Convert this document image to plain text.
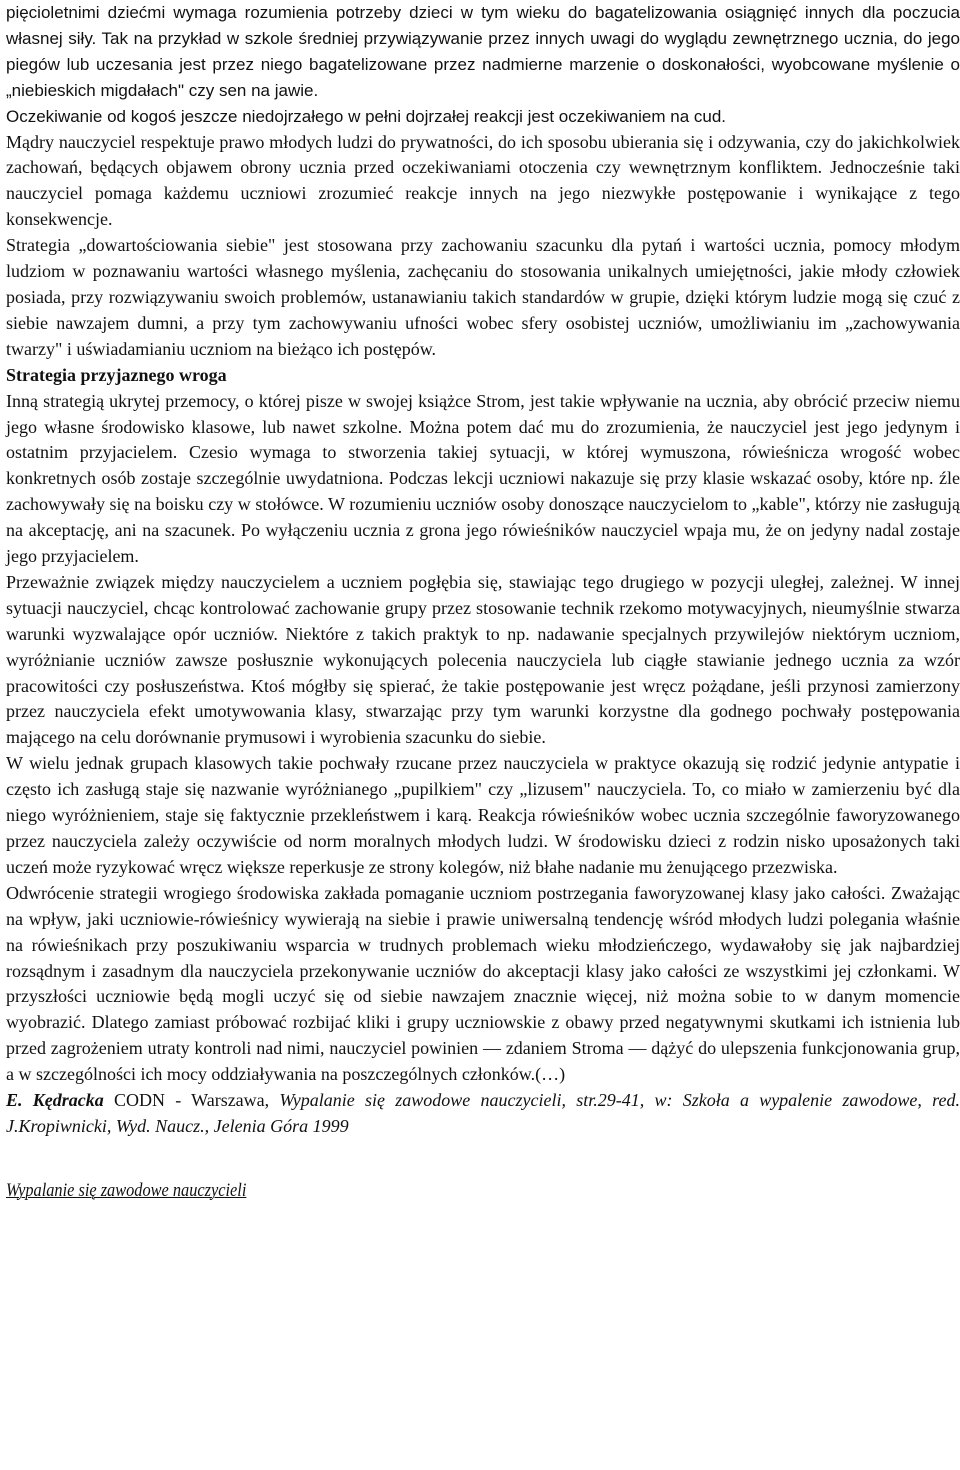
pięcioletnimi dziećmi wymaga rozumienia potrzeby dzieci w tym wieku do bagatelizowania osiągnięć innych dla poczucia własnej siły. Tak na przykład w szkole średniej przywiązywanie przez innych uwagi do wyglądu zewnętrznego ucznia, do jego piegów lub uczesania jest przez niego bagatelizowane przez nadmierne marzenie o doskonałości, wyobcowane myślenie o „niebieskich migdałach" czy sen na jawie.

Oczekiwanie od kogoś jeszcze niedojrzałego w pełni dojrzałej reakcji jest oczekiwaniem na cud.

Mądry nauczyciel respektuje prawo młodych ludzi do prywatności, do ich sposobu ubierania się i odzywania, czy do jakichkolwiek zachowań, będących objawem obrony ucznia przed oczekiwaniami otoczenia czy wewnętrznym konfliktem. Jednocześnie taki nauczyciel pomaga każdemu uczniowi zrozumieć reakcje innych na jego niezwykłe postępowanie i wynikające z tego konsekwencje.

Strategia „dowartościowania siebie" jest stosowana przy zachowaniu szacunku dla pytań i wartości ucznia, pomocy młodym ludziom w poznawaniu wartości własnego myślenia, zachęcaniu do stosowania unikalnych umiejętności, jakie młody człowiek posiada, przy rozwiązywaniu swoich problemów, ustanawianiu takich standardów w grupie, dzięki którym ludzie mogą się czuć z siebie nawzajem dumni, a przy tym zachowywaniu ufności wobec sfery osobistej uczniów, umożliwianiu im „zachowywania twarzy" i uświadamianiu uczniom na bieżąco ich postępów.

Strategia przyjaznego wroga

Inną strategią ukrytej przemocy, o której pisze w swojej książce Strom, jest takie wpływanie na ucznia, aby obrócić przeciw niemu jego własne środowisko klasowe, lub nawet szkolne. Można potem dać mu do zrozumienia, że nauczyciel jest jego jedynym i ostatnim przyjacielem. Czesio wymaga to stworzenia takiej sytuacji, w której wymuszona, rówieśnicza wrogość wobec konkretnych osób zostaje szczególnie uwydatniona. Podczas lekcji uczniowi nakazuje się przy klasie wskazać osoby, które np. źle zachowywały się na boisku czy w stołówce. W rozumieniu uczniów osoby donoszące nauczycielom to „kable", którzy nie zasługują na akceptację, ani na szacunek. Po wyłączeniu ucznia z grona jego rówieśników nauczyciel wpaja mu, że on jedyny nadal zostaje jego przyjacielem.

Przeważnie związek między nauczycielem a uczniem pogłębia się, stawiając tego drugiego w pozycji uległej, zależnej. W innej sytuacji nauczyciel, chcąc kontrolować zachowanie grupy przez stosowanie technik rzekomo motywacyjnych, nieumyślnie stwarza warunki wyzwalające opór uczniów. Niektóre z takich praktyk to np. nadawanie specjalnych przywilejów niektórym uczniom, wyróżnianie uczniów zawsze posłusznie wykonujących polecenia nauczyciela lub ciągłe stawianie jednego ucznia za wzór pracowitości czy posłuszeństwa. Ktoś mógłby się spierać, że takie postępowanie jest wręcz pożądane, jeśli przynosi zamierzony przez nauczyciela efekt umotywowania klasy, stwarzając przy tym warunki korzystne dla godnego pochwały postępowania mającego na celu dorównanie prymusowi i wyrobienia szacunku do siebie.

W wielu jednak grupach klasowych takie pochwały rzucane przez nauczyciela w praktyce okazują się rodzić jedynie antypatie i często ich zasługą staje się nazwanie wyróżnianego „pupilkiem" czy „lizusem" nauczyciela. To, co miało w zamierzeniu być dla niego wyróżnieniem, staje się faktycznie przekleństwem i karą. Reakcja rówieśników wobec ucznia szczególnie faworyzowanego przez nauczyciela zależy oczywiście od norm moralnych młodych ludzi. W środowisku dzieci z rodzin nisko uposażonych taki uczeń może ryzykować wręcz większe reperkusje ze strony kolegów, niż błahe nadanie mu żenującego przezwiska.

Odwrócenie strategii wrogiego środowiska zakłada pomaganie uczniom postrzegania faworyzowanej klasy jako całości. Zważając na wpływ, jaki uczniowie-rówieśnicy wywierają na siebie i prawie uniwersalną tendencję wśród młodych ludzi polegania właśnie na rówieśnikach przy poszukiwaniu wsparcia w trudnych problemach wieku młodzieńczego, wydawałoby się jak najbardziej rozsądnym i zasadnym dla nauczyciela przekonywanie uczniów do akceptacji klasy jako całości ze wszystkimi jej członkami. W przyszłości uczniowie będą mogli uczyć się od siebie nawzajem znacznie więcej, niż można sobie to w danym momencie wyobrazić. Dlatego zamiast próbować rozbijać kliki i grupy uczniowskie z obawy przed negatywnymi skutkami ich istnienia lub przed zagrożeniem utraty kontroli nad nimi, nauczyciel powinien — zdaniem Stroma — dążyć do ulepszenia funkcjonowania grup, a w szczególności ich mocy oddziaływania na poszczególnych członków.(…)

E. Kędracka CODN - Warszawa, Wypalanie się zawodowe nauczycieli, str.29-41, w: Szkoła a wypalenie zawodowe, red. J.Kropiwnicki, Wyd. Naucz., Jelenia Góra 1999

Wypalanie się zawodowe nauczycieli
